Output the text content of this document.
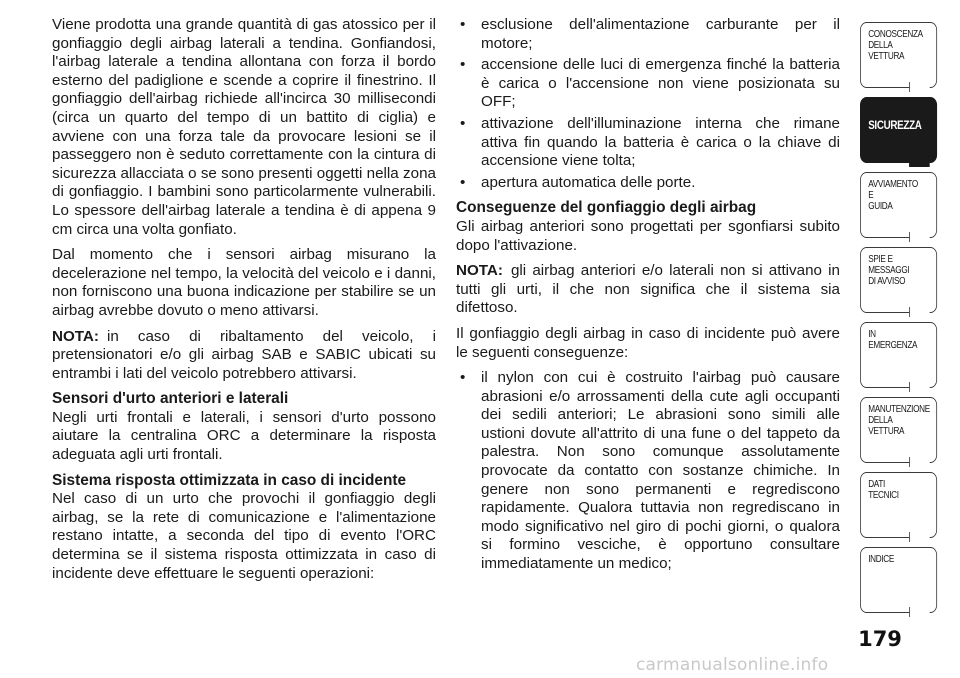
Viene prodotta una grande quantità di gas atossico per il gonfiaggio degli airbag laterali a tendina. Gonfiandosi, l'airbag laterale a tendina allontana con forza il bordo esterno del padiglione e scende a coprire il finestrino. Il gonfiaggio dell'airbag richiede all'incirca 30 millisecondi (circa un quarto del tempo di un battito di ciglia) e avviene con una forza tale da provocare lesioni se il passeggero non è seduto correttamente con la cintura di sicurezza allacciata o se sono presenti oggetti nella zona di gonfiaggio. I bambini sono particolarmente vulnerabili. Lo spessore dell'airbag laterale a tendina è di appena 9 cm circa una volta gonfiato.

Dal momento che i sensori airbag misurano la decelerazione nel tempo, la velocità del veicolo e i danni, non forniscono una buona indicazione per stabilire se un airbag avrebbe dovuto o meno attivarsi.

NOTA: in caso di ribaltamento del veicolo, i pretensionatori e/o gli airbag SAB e SABIC ubicati su entrambi i lati del veicolo potrebbero attivarsi.

Sensori d'urto anteriori e laterali

Negli urti frontali e laterali, i sensori d'urto possono aiutare la centralina ORC a determinare la risposta adeguata agli urti frontali.

Sistema risposta ottimizzata in caso di incidente

Nel caso di un urto che provochi il gonfiaggio degli airbag, se la rete di comunicazione e l'alimentazione restano intatte, a seconda del tipo di evento l'ORC determina se il sistema risposta ottimizzata in caso di incidente deve effettuare le seguenti operazioni:

• esclusione dell'alimentazione carburante per il motore;
• accensione delle luci di emergenza finché la batteria è carica o l'accensione non viene posizionata su OFF;
• attivazione dell'illuminazione interna che rimane attiva fin quando la batteria è carica o la chiave di accensione viene tolta;
• apertura automatica delle porte.
Conseguenze del gonfiaggio degli airbag

Gli airbag anteriori sono progettati per sgonfiarsi subito dopo l'attivazione.

NOTA: gli airbag anteriori e/o laterali non si attivano in tutti gli urti, il che non significa che il sistema sia difettoso.

Il gonfiaggio degli airbag in caso di incidente può avere le seguenti conseguenze:

• il nylon con cui è costruito l'airbag può causare abrasioni e/o arrossamenti della cute agli occupanti dei sedili anteriori; Le abrasioni sono simili alle ustioni dovute all'attrito di una fune o del tappeto da palestra. Non sono comunque assolutamente provocate da contatto con sostanze chimiche. In genere non sono permanenti e regrediscono rapidamente. Qualora tuttavia non regrediscano in modo significativo nel giro di pochi giorni, o qualora si formino vesciche, è opportuno consultare immediatamente un medico;
CONOSCENZA
DELLA
VETTURA
SICUREZZA
AVVIAMENTO
E
GUIDA
SPIE E
MESSAGGI
DI AVVISO
IN
EMERGENZA
MANUTENZIONE
DELLA
VETTURA
DATI
TECNICI
INDICE
179
carmanualsonline.info
